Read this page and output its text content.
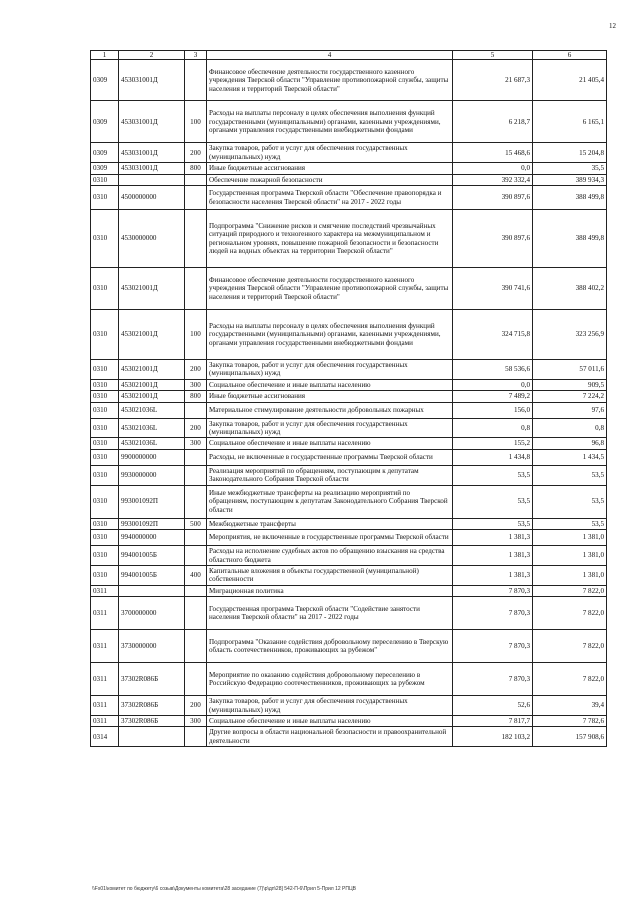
12
1	2	3	4	5	6
0309	453031001Д		Финансовое обеспечение деятельности государственного казенного учреждения Тверской области "Управление противопожарной службы, защиты населения и территорий Тверской области"	21 687,3	21 405,4
0309	453031001Д	100	Расходы на выплаты персоналу в целях обеспечения выполнения функций государственными (муниципальными) органами, казенными учреждениями, органами управления государственными внебюджетными фондами	6 218,7	6 165,1
0309	453031001Д	200	Закупка товаров, работ и услуг для обеспечения государственных (муниципальных) нужд	15 468,6	15 204,8
0309	453031001Д	800	Иные бюджетные ассигнования	0,0	35,5
0310			Обеспечение пожарной безопасности	392 332,4	389 934,3
0310	4500000000		Государственная программа Тверской области "Обеспечение правопорядка и безопасности населения Тверской области" на 2017 - 2022 годы	390 897,6	388 499,8
0310	4530000000		Подпрограмма "Снижение рисков и смягчение последствий чрезвычайных ситуаций природного и техногенного характера на межмуниципальном и региональном уровнях, повышение пожарной безопасности и безопасности людей на водных объектах на территории Тверской области"	390 897,6	388 499,8
0310	453021001Д		Финансовое обеспечение деятельности государственного казенного учреждения Тверской области "Управление противопожарной службы, защиты населения и территорий Тверской области"	390 741,6	388 402,2
0310	453021001Д	100	Расходы на выплаты персоналу в целях обеспечения выполнения функций государственными (муниципальными) органами, казенными учреждениями, органами управления государственными внебюджетными фондами	324 715,8	323 256,9
0310	453021001Д	200	Закупка товаров, работ и услуг для обеспечения государственных (муниципальных) нужд	58 536,6	57 011,6
0310	453021001Д	300	Социальное обеспечение и иные выплаты населению	0,0	909,5
0310	453021001Д	800	Иные бюджетные ассигнования	7 489,2	7 224,2
0310	453021036L		Материальное стимулирование деятельности добровольных пожарных	156,0	97,6
0310	453021036L	200	Закупка товаров, работ и услуг для обеспечения государственных (муниципальных) нужд	0,8	0,8
0310	453021036L	300	Социальное обеспечение и иные выплаты населению	155,2	96,8
0310	9900000000		Расходы, не включенные в государственные программы Тверской области	1 434,8	1 434,5
0310	9930000000		Реализация мероприятий по обращениям, поступающим к депутатам Законодательного Собрания Тверской области	53,5	53,5
0310	993001092П		Иные межбюджетные трансферты на реализацию мероприятий по обращениям, поступающим к депутатам Законодательного Собрания Тверской области	53,5	53,5
0310	993001092П	500	Межбюджетные трансферты	53,5	53,5
0310	9940000000		Мероприятия, не включенные в государственные программы Тверской области	1 381,3	1 381,0
0310	994001005Б		Расходы на исполнение судебных актов по обращению взыскания на средства областного бюджета	1 381,3	1 381,0
0310	994001005Б	400	Капитальные вложения в объекты государственной (муниципальной) собственности	1 381,3	1 381,0
0311			Миграционная политика	7 870,3	7 822,0
0311	3700000000		Государственная программа Тверской области "Содействие занятости населения Тверской области" на 2017 - 2022 годы	7 870,3	7 822,0
0311	3730000000		Подпрограмма "Оказание содействия добровольному переселению в Тверскую область соотечественников, проживающих за рубежом"	7 870,3	7 822,0
0311	37302R086Б		Мероприятие по оказанию содействия добровольному переселению в Российскую Федерацию соотечественников, проживающих за рубежом	7 870,3	7 822,0
0311	37302R086Б	200	Закупка товаров, работ и услуг для обеспечения государственных (муниципальных) нужд	52,6	39,4
0311	37302R086Б	300	Социальное обеспечение и иные выплаты населению	7 817,7	7 782,6
0314			Другие вопросы в области национальной безопасности и правоохранительной деятельности	182 103,2	157 908,6
\\Fs01\комитет по бюджету\6 созыв\Документы комитета\28 заседание (7)\p\дп\28] 542-П-6\Прил 5-Прил 12 РПЦВ
